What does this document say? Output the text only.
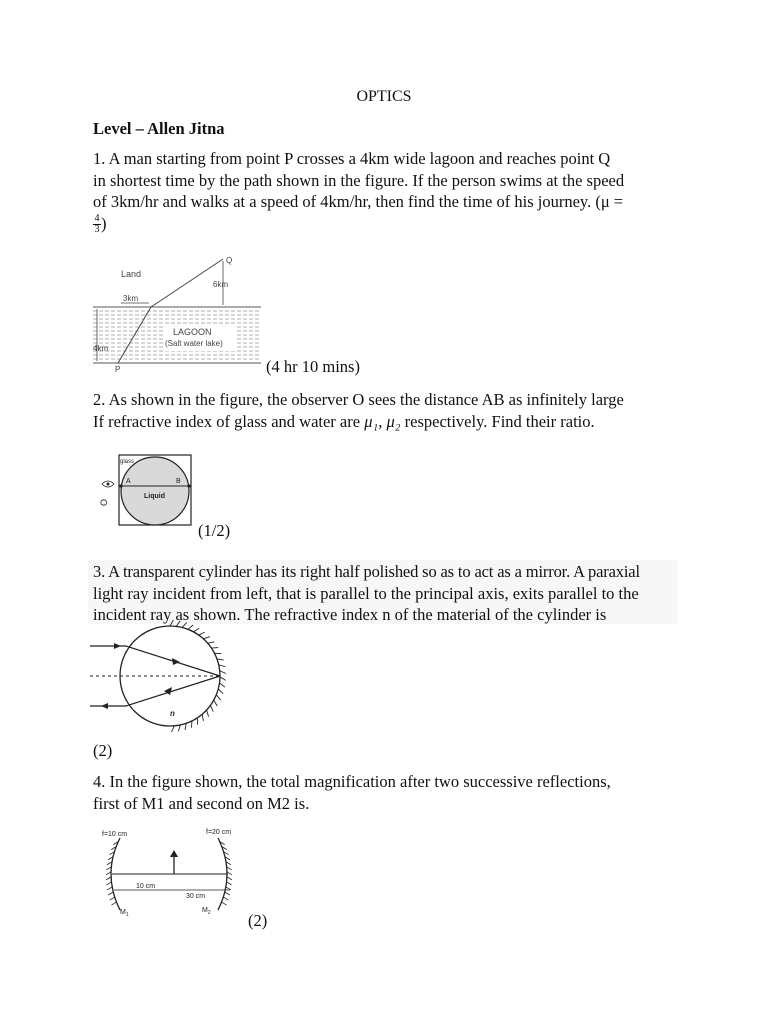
OPTICS
Level – Allen Jitna
1. A man starting from point P crosses a 4km wide lagoon and reaches point Q
in shortest time by the path shown in the figure. If the person swims at the speed
of 3km/hr and walks at a speed of 4km/hr, then find the time of his journey. (μ =
$\frac{4}{3}$ )
Land
Q
6km
3km
LAGOON
(Salt water lake)
4km
P	(4 hr 10 mins)
2. As shown in the figure, the observer O sees the distance AB as infinitely large
If refractive index of glass and water are μ₁, μ₂ respectively. Find their ratio.
glass
A	B
Liquid
O
(1/2)
3. A transparent cylinder has its right half polished so as to act as a mirror. A paraxial
light ray incident from left, that is parallel to the principal axis, exits parallel to the
incident ray as shown. The refractive index n of the material of the cylinder is
n
(2)
4. In the figure shown, the total magnification after two successive reflections,
first of M1 and second on M2 is.
f=10 cm	f=20 cm
10 cm
30 cm
$M_1$
$M_2$ (2)
